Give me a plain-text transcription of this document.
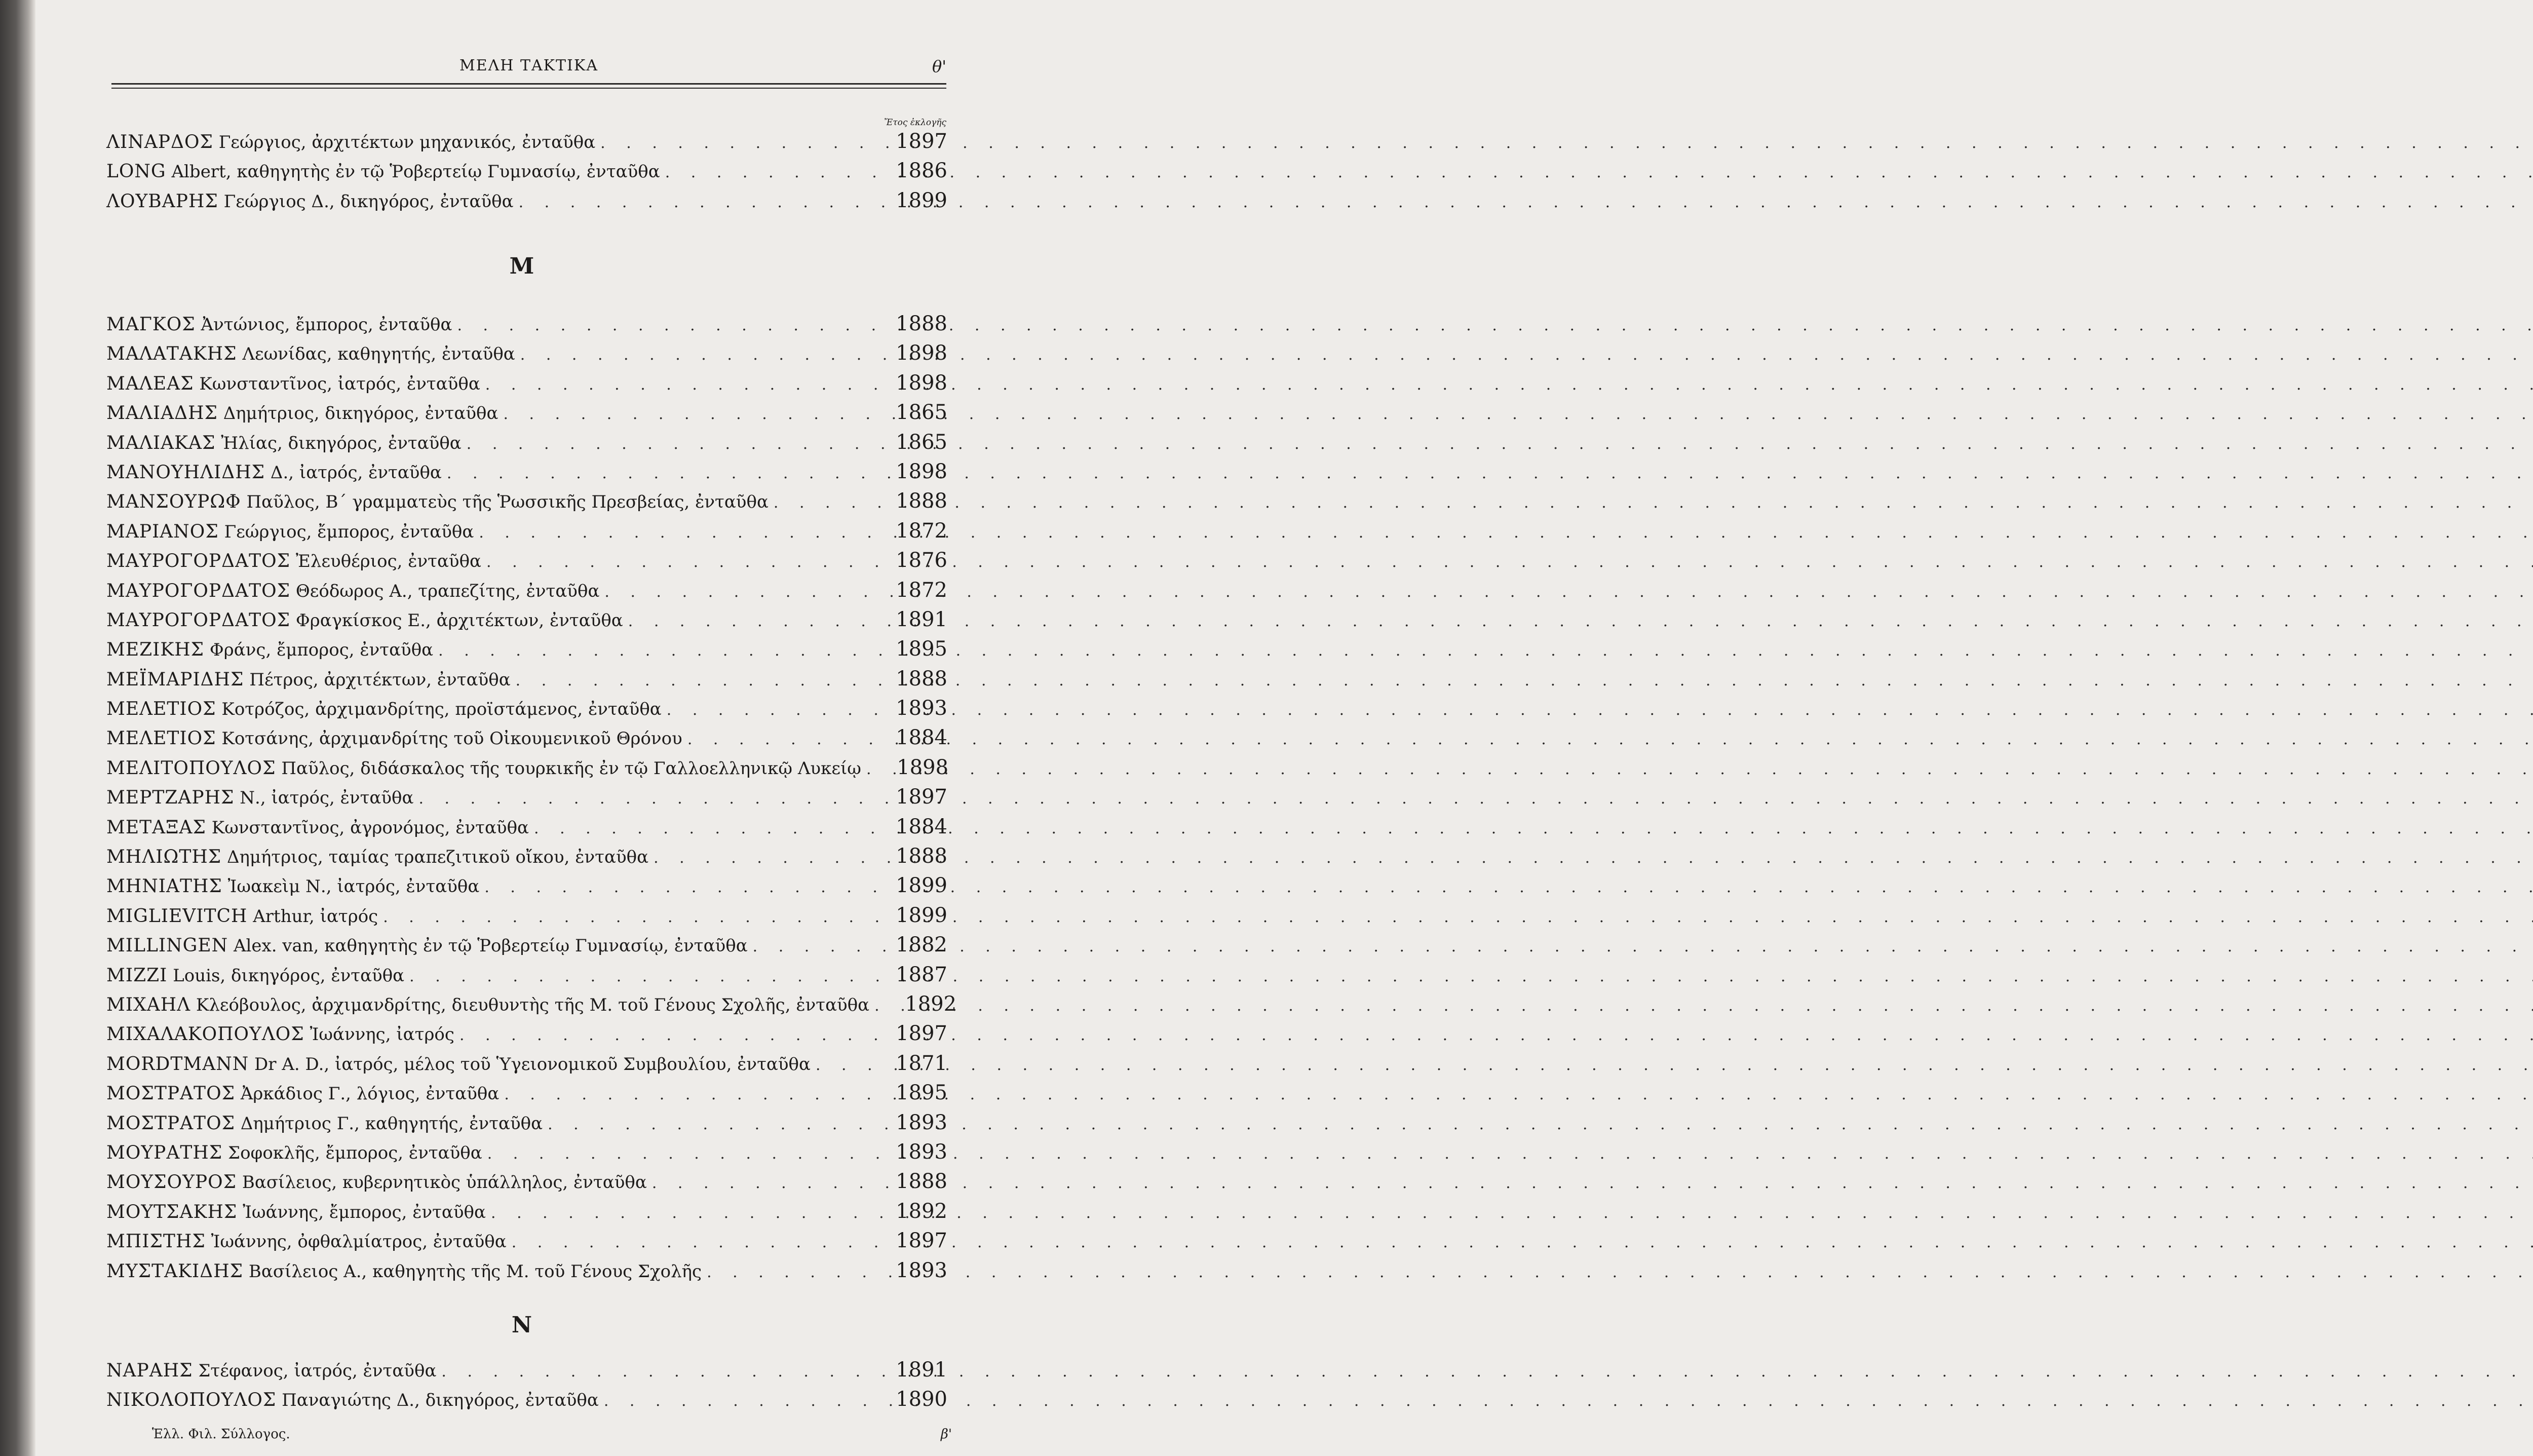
ΜΕΛΗ ΤΑΚΤΙΚΑ	θ'
Ἔτος ἐκλογῆς
ΛΙΝΑΡΔΟΣ Γεώργιος, ἀρχιτέκτων μηχανικός, ἐνταῦθα . . .	1897
LONG Albert, καθηγητὴς ἐν τῷ Ῥοβερτείῳ Γυμνασίῳ, ἐνταῦθα . . .	1886
ΛΟΥΒΑΡΗΣ Γεώργιος Δ., δικηγόρος, ἐνταῦθα . . .	1899
Μ
ΜΑΓΚΟΣ Ἀντώνιος, ἔμπορος, ἐνταῦθα . . .	1888
ΜΑΛΑΤΑΚΗΣ Λεωνίδας, καθηγητής, ἐνταῦθα . . .	1898
ΜΑΛΕΑΣ Κωνσταντῖνος, ἰατρός, ἐνταῦθα . . .	1898
ΜΑΛΙΑΔΗΣ Δημήτριος, δικηγόρος, ἐνταῦθα . . .	1865
ΜΑΛΙΑΚΑΣ Ἠλίας, δικηγόρος, ἐνταῦθα . . .	1865
ΜΑΝΟΥΗΛΙΔΗΣ Δ., ἰατρός, ἐνταῦθα . . .	1898
ΜΑΝΣΟΥΡΩΦ Παῦλος, Β΄ γραμματεὺς τῆς Ῥωσσικῆς Πρεσβείας, ἐνταῦθα . . .	1888
ΜΑΡΙΑΝΟΣ Γεώργιος, ἔμπορος, ἐνταῦθα . . .	1872
ΜΑΥΡΟΓΟΡΔΑΤΟΣ Ἐλευθέριος, ἐνταῦθα . . .	1876
ΜΑΥΡΟΓΟΡΔΑΤΟΣ Θεόδωρος Α., τραπεζίτης, ἐνταῦθα . . .	1872
ΜΑΥΡΟΓΟΡΔΑΤΟΣ Φραγκίσκος Ε., ἀρχιτέκτων, ἐνταῦθα . . .	1891
ΜΕΖΙΚΗΣ Φράνς, ἔμπορος, ἐνταῦθα . . .	1895
ΜΕΪΜΑΡΙΔΗΣ Πέτρος, ἀρχιτέκτων, ἐνταῦθα . . .	1888
ΜΕΛΕΤΙΟΣ Κοτρόζος, ἀρχιμανδρίτης, προϊστάμενος, ἐνταῦθα . . .	1893
ΜΕΛΕΤΙΟΣ Κοτσάνης, ἀρχιμανδρίτης τοῦ Οἰκουμενικοῦ Θρόνου . . .	1884
ΜΕΛΙΤΟΠΟΥΛΟΣ Παῦλος, διδάσκαλος τῆς τουρκικῆς ἐν τῷ Γαλλοελληνικῷ Λυκείῳ . . . 1898
ΜΕΡΤΖΑΡΗΣ Ν., ἰατρός, ἐνταῦθα . . .	1897
ΜΕΤΑΞΑΣ Κωνσταντῖνος, ἀγρονόμος, ἐνταῦθα . . .	1884
ΜΗΛΙΩΤΗΣ Δημήτριος, ταμίας τραπεζιτικοῦ οἴκου, ἐνταῦθα . . .	1888
ΜΗΝΙΑΤΗΣ Ἰωακεὶμ Ν., ἰατρός, ἐνταῦθα . . .	1899
MIGLIEVITCH Arthur, ἰατρός . . .	1899
MILLINGEN Alex. van, καθηγητὴς ἐν τῷ Ῥοβερτείῳ Γυμνασίῳ, ἐνταῦθα . . .	1882
MIZZI Louis, δικηγόρος, ἐνταῦθα . . .	1887
ΜΙΧΑΗΛ Κλεόβουλος, ἀρχιμανδρίτης, διευθυντὴς τῆς Μ. τοῦ Γένους Σχολῆς, ἐνταῦθα . . . 1892
ΜΙΧΑΛΑΚΟΠΟΥΛΟΣ Ἰωάννης, ἰατρός . . .	1897
MORDTMANN Dr A. D., ἰατρός, μέλος τοῦ Ὑγειονομικοῦ Συμβουλίου, ἐνταῦθα . . .	1871
ΜΟΣΤΡΑΤΟΣ Ἀρκάδιος Γ., λόγιος, ἐνταῦθα . . .	1895
ΜΟΣΤΡΑΤΟΣ Δημήτριος Γ., καθηγητής, ἐνταῦθα . . .	1893
ΜΟΥΡΑΤΗΣ Σοφοκλῆς, ἔμπορος, ἐνταῦθα . . .	1893
ΜΟΥΣΟΥΡΟΣ Βασίλειος, κυβερνητικὸς ὑπάλληλος, ἐνταῦθα . . .	1888
ΜΟΥΤΣΑΚΗΣ Ἰωάννης, ἔμπορος, ἐνταῦθα . . .	1892
ΜΠΙΣΤΗΣ Ἰωάννης, ὀφθαλμίατρος, ἐνταῦθα . . .	1897
ΜΥΣΤΑΚΙΔΗΣ Βασίλειος Α., καθηγητὴς τῆς Μ. τοῦ Γένους Σχολῆς . . .	1893
Ν
ΝΑΡΑΗΣ Στέφανος, ἰατρός, ἐνταῦθα . . .	1891
ΝΙΚΟΛΟΠΟΥΛΟΣ Παναγιώτης Δ., δικηγόρος, ἐνταῦθα . . .	1890
Ἑλλ. Φιλ. Σύλλογος.	β'
